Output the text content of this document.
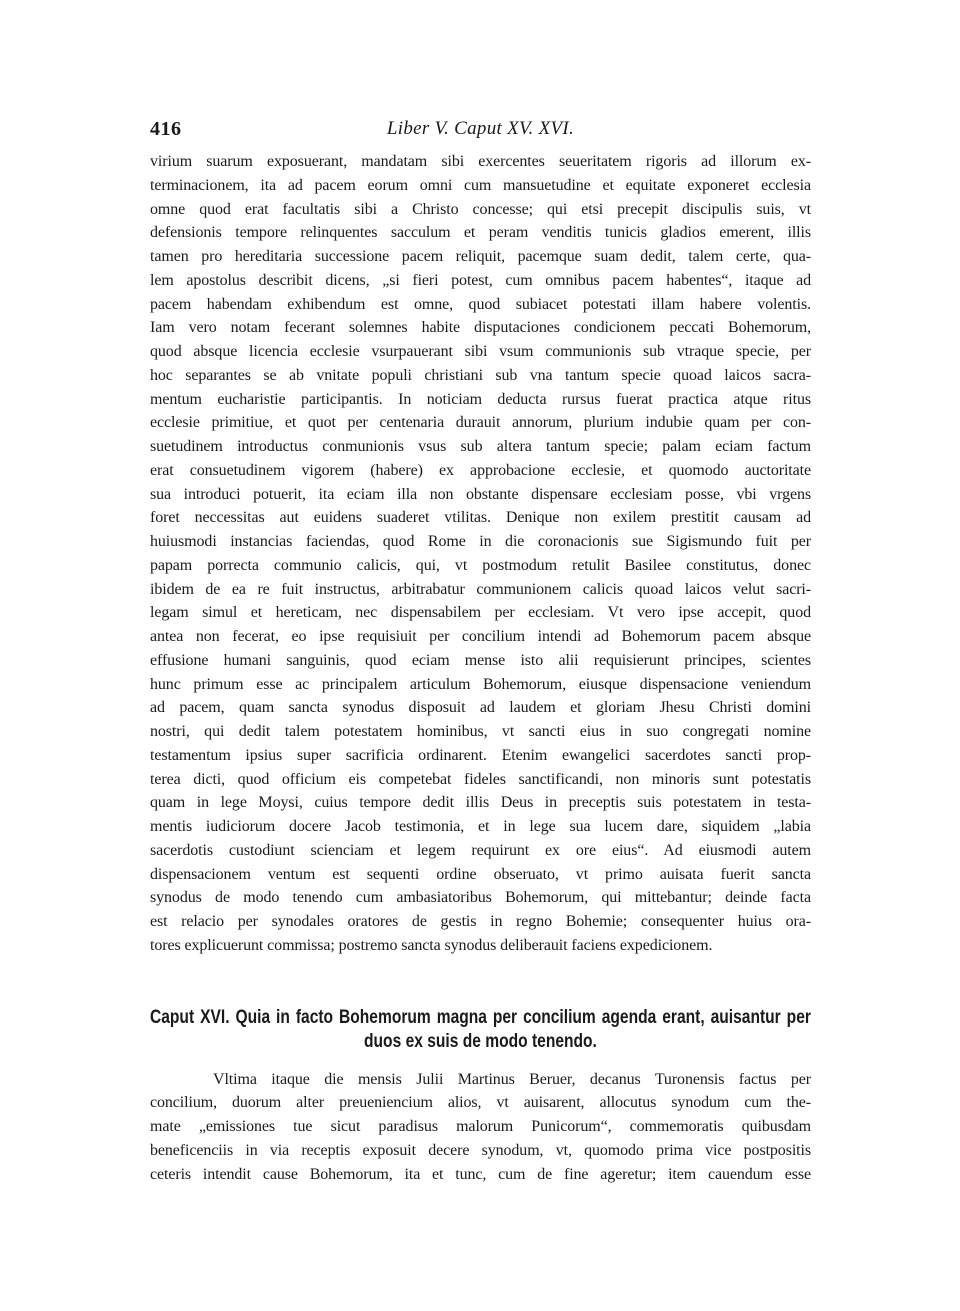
416	Liber V. Caput XV. XVI.
virium suarum exposuerant, mandatam sibi exercentes seueritatem rigoris ad illorum ex-
terminacionem, ita ad pacem eorum omni cum mansuetudine et equitate exponeret ecclesia
omne quod erat facultatis sibi a Christo concesse; qui etsi precepit discipulis suis, vt
defensionis tempore relinquentes sacculum et peram venditis tunicis gladios emerent, illis
tamen pro hereditaria successione pacem reliquit, pacemque suam dedit, talem certe, qua-
lem apostolus describit dicens, „si fieri potest, cum omnibus pacem habentes“, itaque ad
pacem habendam exhibendum est omne, quod subiacet potestati illam habere volentis.
Iam vero notam fecerant solemnes habite disputaciones condicionem peccati Bohemorum,
quod absque licencia ecclesie vsurpauerant sibi vsum communionis sub vtraque specie, per
hoc separantes se ab vnitate populi christiani sub vna tantum specie quoad laicos sacra-
mentum eucharistie participantis. In noticiam deducta rursus fuerat practica atque ritus
ecclesie primitiue, et quot per centenaria durauit annorum, plurium indubie quam per con-
suetudinem introductus conmunionis vsus sub altera tantum specie; palam eciam factum
erat consuetudinem vigorem (habere) ex approbacione ecclesie, et quomodo auctoritate
sua introduci potuerit, ita eciam illa non obstante dispensare ecclesiam posse, vbi vrgens
foret neccessitas aut euidens suaderet vtilitas. Denique non exilem prestitit causam ad
huiusmodi instancias faciendas, quod Rome in die coronacionis sue Sigismundo fuit per
papam porrecta communio calicis, qui, vt postmodum retulit Basilee constitutus, donec
ibidem de ea re fuit instructus, arbitrabatur communionem calicis quoad laicos velut sacri-
legam simul et hereticam, nec dispensabilem per ecclesiam. Vt vero ipse accepit, quod
antea non fecerat, eo ipse requisiuit per concilium intendi ad Bohemorum pacem absque
effusione humani sanguinis, quod eciam mense isto alii requisierunt principes, scientes
hunc primum esse ac principalem articulum Bohemorum, eiusque dispensacione veniendum
ad pacem, quam sancta synodus disposuit ad laudem et gloriam Jhesu Christi domini
nostri, qui dedit talem potestatem hominibus, vt sancti eius in suo congregati nomine
testamentum ipsius super sacrificia ordinarent. Etenim ewangelici sacerdotes sancti prop-
terea dicti, quod officium eis competebat fideles sanctificandi, non minoris sunt potestatis
quam in lege Moysi, cuius tempore dedit illis Deus in preceptis suis potestatem in testa-
mentis iudiciorum docere Jacob testimonia, et in lege sua lucem dare, siquidem „labia
sacerdotis custodiunt scienciam et legem requirunt ex ore eius“. Ad eiusmodi autem
dispensacionem ventum est sequenti ordine obseruato, vt primo auisata fuerit sancta
synodus de modo tenendo cum ambasiatoribus Bohemorum, qui mittebantur; deinde facta
est relacio per synodales oratores de gestis in regno Bohemie; consequenter huius ora-
tores explicuerunt commissa; postremo sancta synodus deliberauit faciens expedicionem.
Caput XVI. Quia in facto Bohemorum magna per concilium agenda erant, auisantur per
duos ex suis de modo tenendo.
Vltima itaque die mensis Julii Martinus Beruer, decanus Turonensis factus per
concilium, duorum alter preueniencium alios, vt auisarent, allocutus synodum cum the-
mate „emissiones tue sicut paradisus malorum Punicorum“, commemoratis quibusdam
beneficenciis in via receptis exposuit decere synodum, vt, quomodo prima vice postpositis
ceteris intendit cause Bohemorum, ita et tunc, cum de fine ageretur; item cauendum esse
